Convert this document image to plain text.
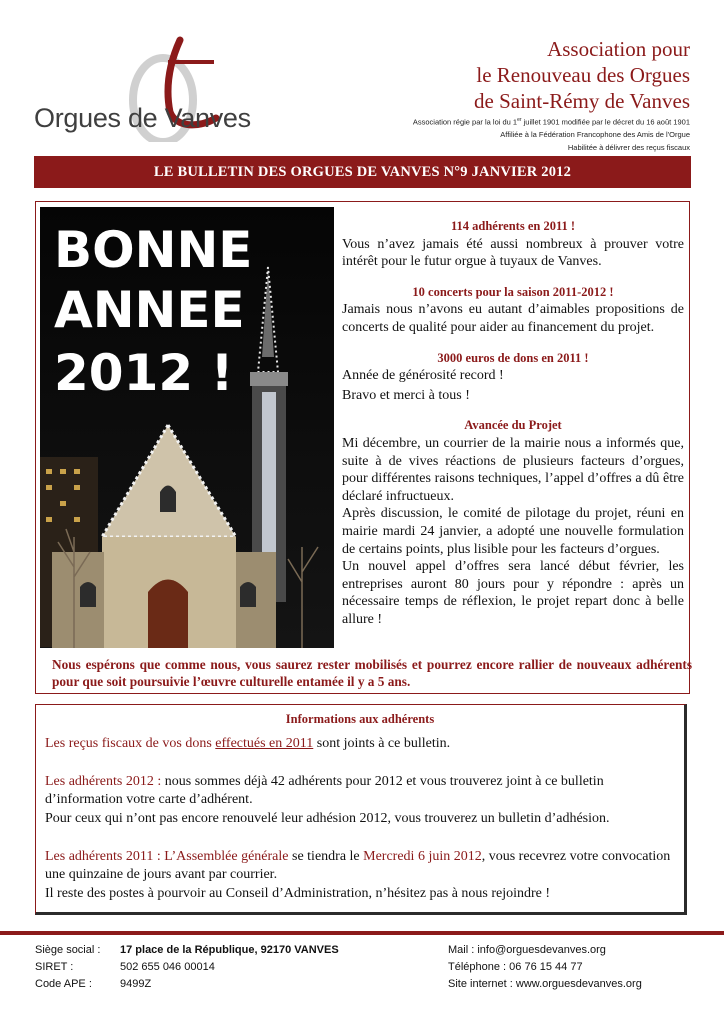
Orgues de Vanves
Association pour
le Renouveau des Orgues
de Saint-Rémy de Vanves
Association régie par la loi du 1er juillet 1901 modifiée par le décret du 16 août 1901
Affiliée à la Fédération Francophone des Amis de l'Orgue
Habilitée à délivrer des reçus fiscaux
LE BULLETIN DES ORGUES DE VANVES N°9 JANVIER 2012
BONNE
ANNEE
2012 !
114 adhérents en 2011 !

Vous n’avez jamais été aussi nombreux à prouver votre intérêt pour le futur orgue à tuyaux de Vanves.

10 concerts pour la saison 2011-2012 !

Jamais nous n’avons eu autant d’aimables propositions de concerts de qualité pour aider au financement du projet.

3000 euros de dons en 2011 !

Année de générosité record !

Bravo et merci à tous !

Avancée du Projet

Mi décembre, un courrier de la mairie nous a informés que, suite à de vives réactions de plusieurs facteurs d’orgues, pour différentes raisons techniques, l’appel d’offres a dû être déclaré infructueux.

Après discussion, le comité de pilotage du projet, réuni en mairie mardi 24 janvier, a adopté une nouvelle formulation de certains points, plus lisible pour les facteurs d’orgues.

Un nouvel appel d’offres sera lancé début février, les entreprises auront 80 jours pour y répondre : après un nécessaire temps de réflexion, le projet repart donc à belle allure !

Nous espérons que comme nous, vous saurez rester mobilisés et pourrez encore rallier de nouveaux adhérents pour que soit poursuivie l’œuvre culturelle entamée il y a 5 ans.
Informations aux adhérents

Les reçus fiscaux de vos dons effectués en 2011 sont joints à ce bulletin.

Les adhérents 2012 : nous sommes déjà 42 adhérents pour 2012 et vous trouverez joint à ce bulletin d’information votre carte d’adhérent.

Pour ceux qui n’ont pas encore renouvelé leur adhésion 2012, vous trouverez un bulletin d’adhésion.

Les adhérents 2011 : L’Assemblée générale se tiendra le Mercredi 6 juin 2012, vous recevrez votre convocation une quinzaine de jours avant par courrier.

Il reste des postes à pourvoir au Conseil d’Administration, n’hésitez pas à nous rejoindre !

Siège social : 17 place de la République, 92170 VANVES
SIRET :	502 655 046 00014
Code APE :	9499Z
Mail : info@orguesdevanves.org
Téléphone : 06 76 15 44 77
Site internet : www.orguesdevanves.org
